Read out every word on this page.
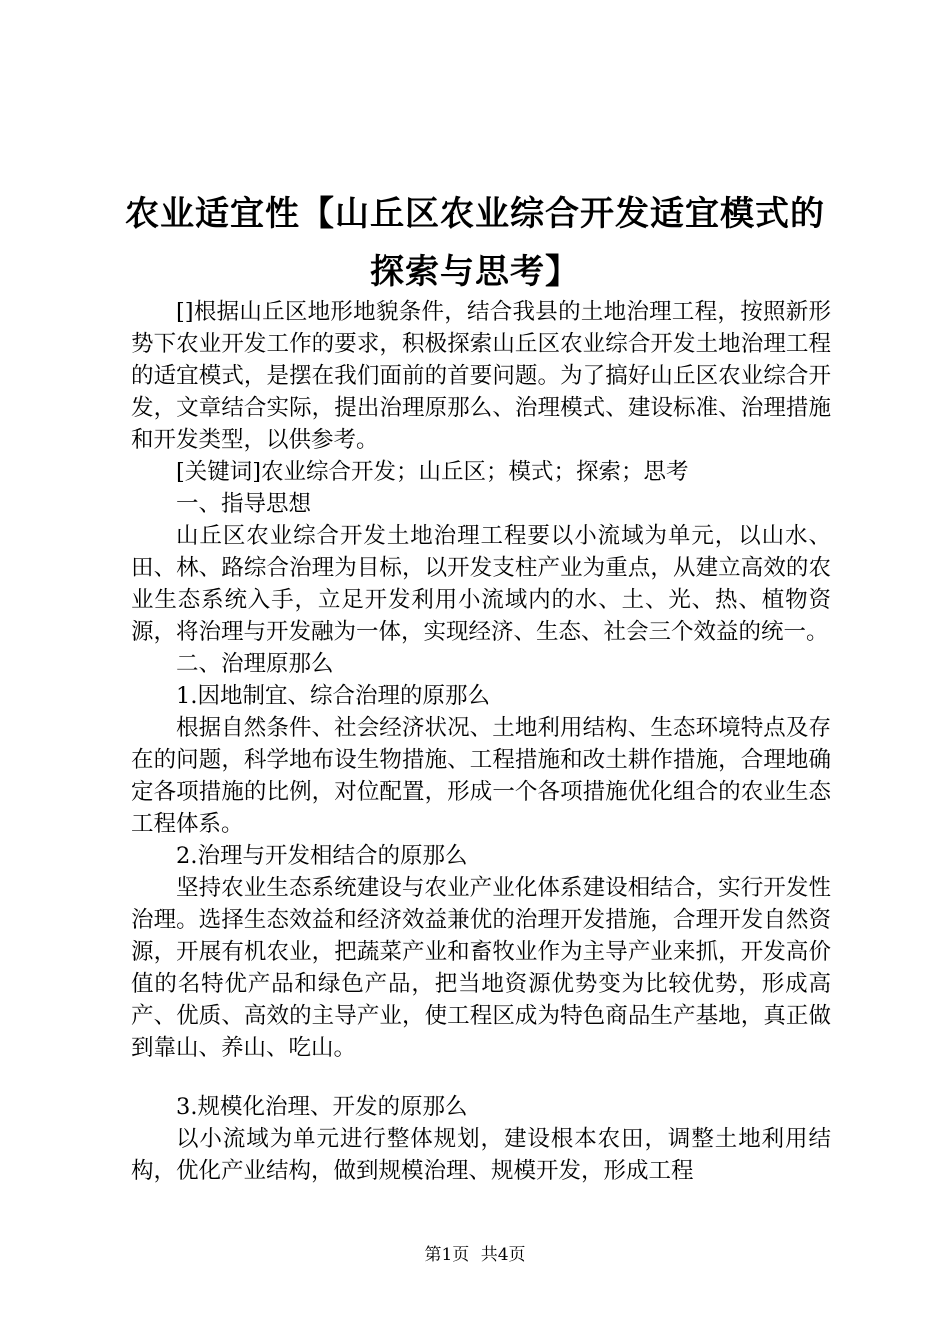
农业适宜性【山丘区农业综合开发适宜模式的
探索与思考】

[]根据山丘区地形地貌条件，结合我县的土地治理工程，按照新形势下农业开发工作的要求，积极探索山丘区农业综合开发土地治理工程的适宜模式，是摆在我们面前的首要问题。为了搞好山丘区农业综合开发，文章结合实际，提出治理原那么、治理模式、建设标准、治理措施和开发类型，以供参考。

[关键词]农业综合开发；山丘区；模式；探索；思考

一、指导思想

山丘区农业综合开发土地治理工程要以小流域为单元，以山水、田、林、路综合治理为目标，以开发支柱产业为重点，从建立高效的农业生态系统入手，立足开发利用小流域内的水、土、光、热、植物资源，将治理与开发融为一体，实现经济、生态、社会三个效益的统一。

二、治理原那么

1.因地制宜、综合治理的原那么

根据自然条件、社会经济状况、土地利用结构、生态环境特点及存在的问题，科学地布设生物措施、工程措施和改土耕作措施，合理地确定各项措施的比例，对位配置，形成一个各项措施优化组合的农业生态工程体系。

2.治理与开发相结合的原那么

坚持农业生态系统建设与农业产业化体系建设相结合，实行开发性治理。选择生态效益和经济效益兼优的治理开发措施，合理开发自然资源，开展有机农业，把蔬菜产业和畜牧业作为主导产业来抓，开发高价值的名特优产品和绿色产品，把当地资源优势变为比较优势，形成高产、优质、高效的主导产业，使工程区成为特色商品生产基地，真正做到靠山、养山、吃山。

3.规模化治理、开发的原那么

以小流域为单元进行整体规划，建设根本农田，调整土地利用结构，优化产业结构，做到规模治理、规模开发，形成工程

第1页 共4页
